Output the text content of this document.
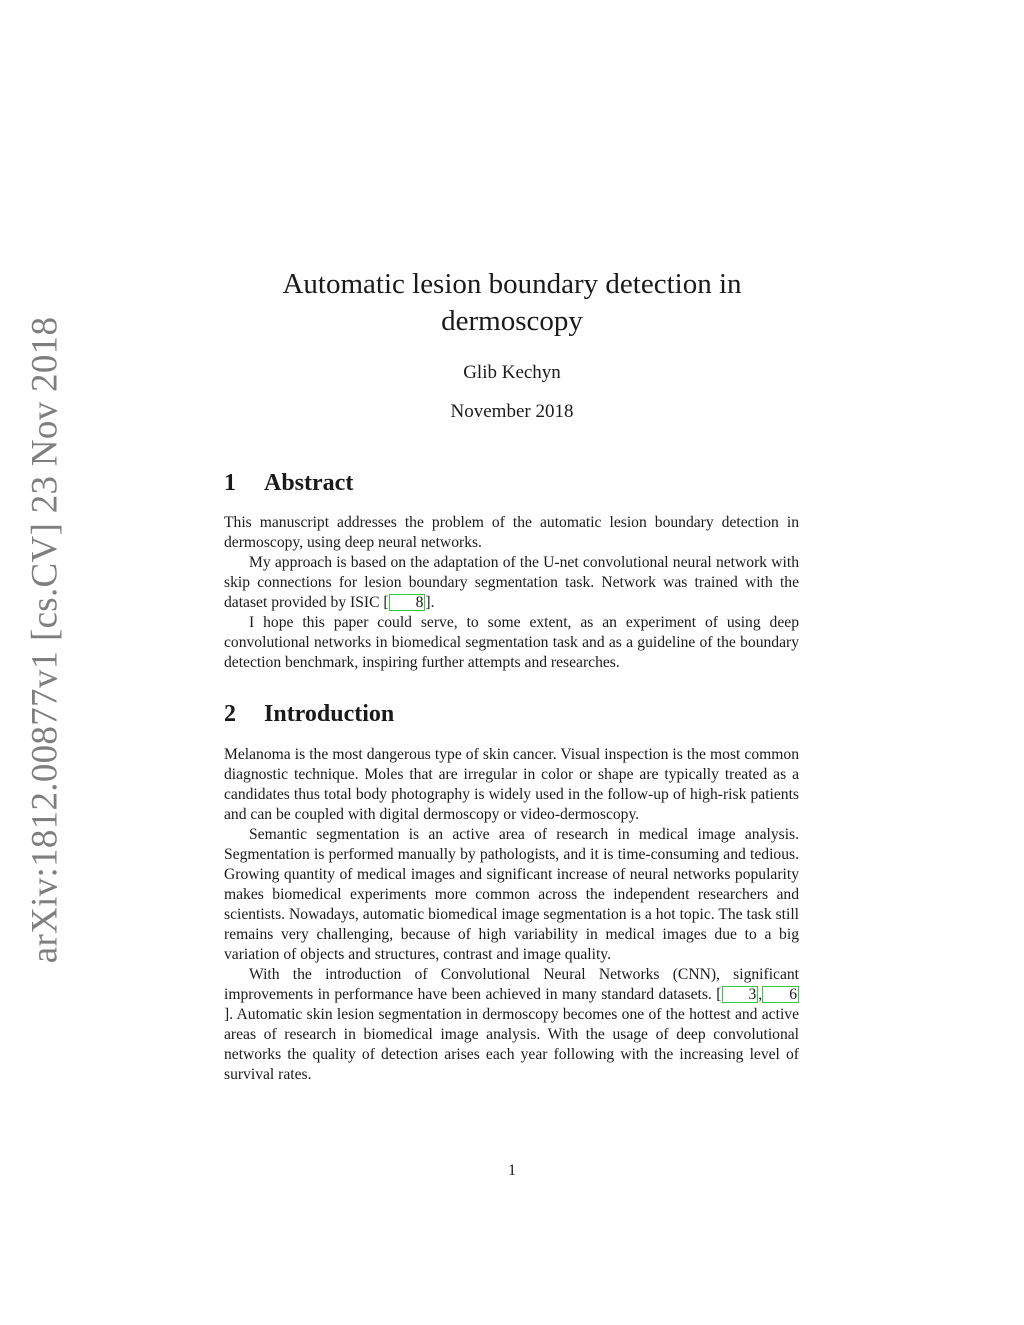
arXiv:1812.00877v1 [cs.CV] 23 Nov 2018
Automatic lesion boundary detection in
dermoscopy
Glib Kechyn
November 2018
1 Abstract

This manuscript addresses the problem of the automatic lesion boundary detection in dermoscopy, using deep neural networks.

My approach is based on the adaptation of the U-net convolutional neural network with skip connections for lesion boundary segmentation task. Network was trained with the dataset provided by ISIC [ 8 ].

I hope this paper could serve, to some extent, as an experiment of using deep convolutional networks in biomedical segmentation task and as a guideline of the boundary detection benchmark, inspiring further attempts and researches.

2 Introduction

Melanoma is the most dangerous type of skin cancer. Visual inspection is the most common diagnostic technique. Moles that are irregular in color or shape are typically treated as a candidates thus total body photography is widely used in the follow-up of high-risk patients and can be coupled with digital dermoscopy or video-dermoscopy.

Semantic segmentation is an active area of research in medical image analysis. Segmentation is performed manually by pathologists, and it is time-consuming and tedious. Growing quantity of medical images and significant increase of neural networks popularity makes biomedical experiments more common across the independent researchers and scientists. Nowadays, automatic biomedical image segmentation is a hot topic. The task still remains very challenging, because of high variability in medical images due to a big variation of objects and structures, contrast and image quality.

With the introduction of Convolutional Neural Networks (CNN), significant improvements in performance have been achieved in many standard datasets. [ 3 , 6]. Automatic skin lesion segmentation in dermoscopy becomes one of the hottest and active areas of research in biomedical image analysis. With the usage of deep convolutional networks the quality of detection arises each year following with the increasing level of survival rates.

1
